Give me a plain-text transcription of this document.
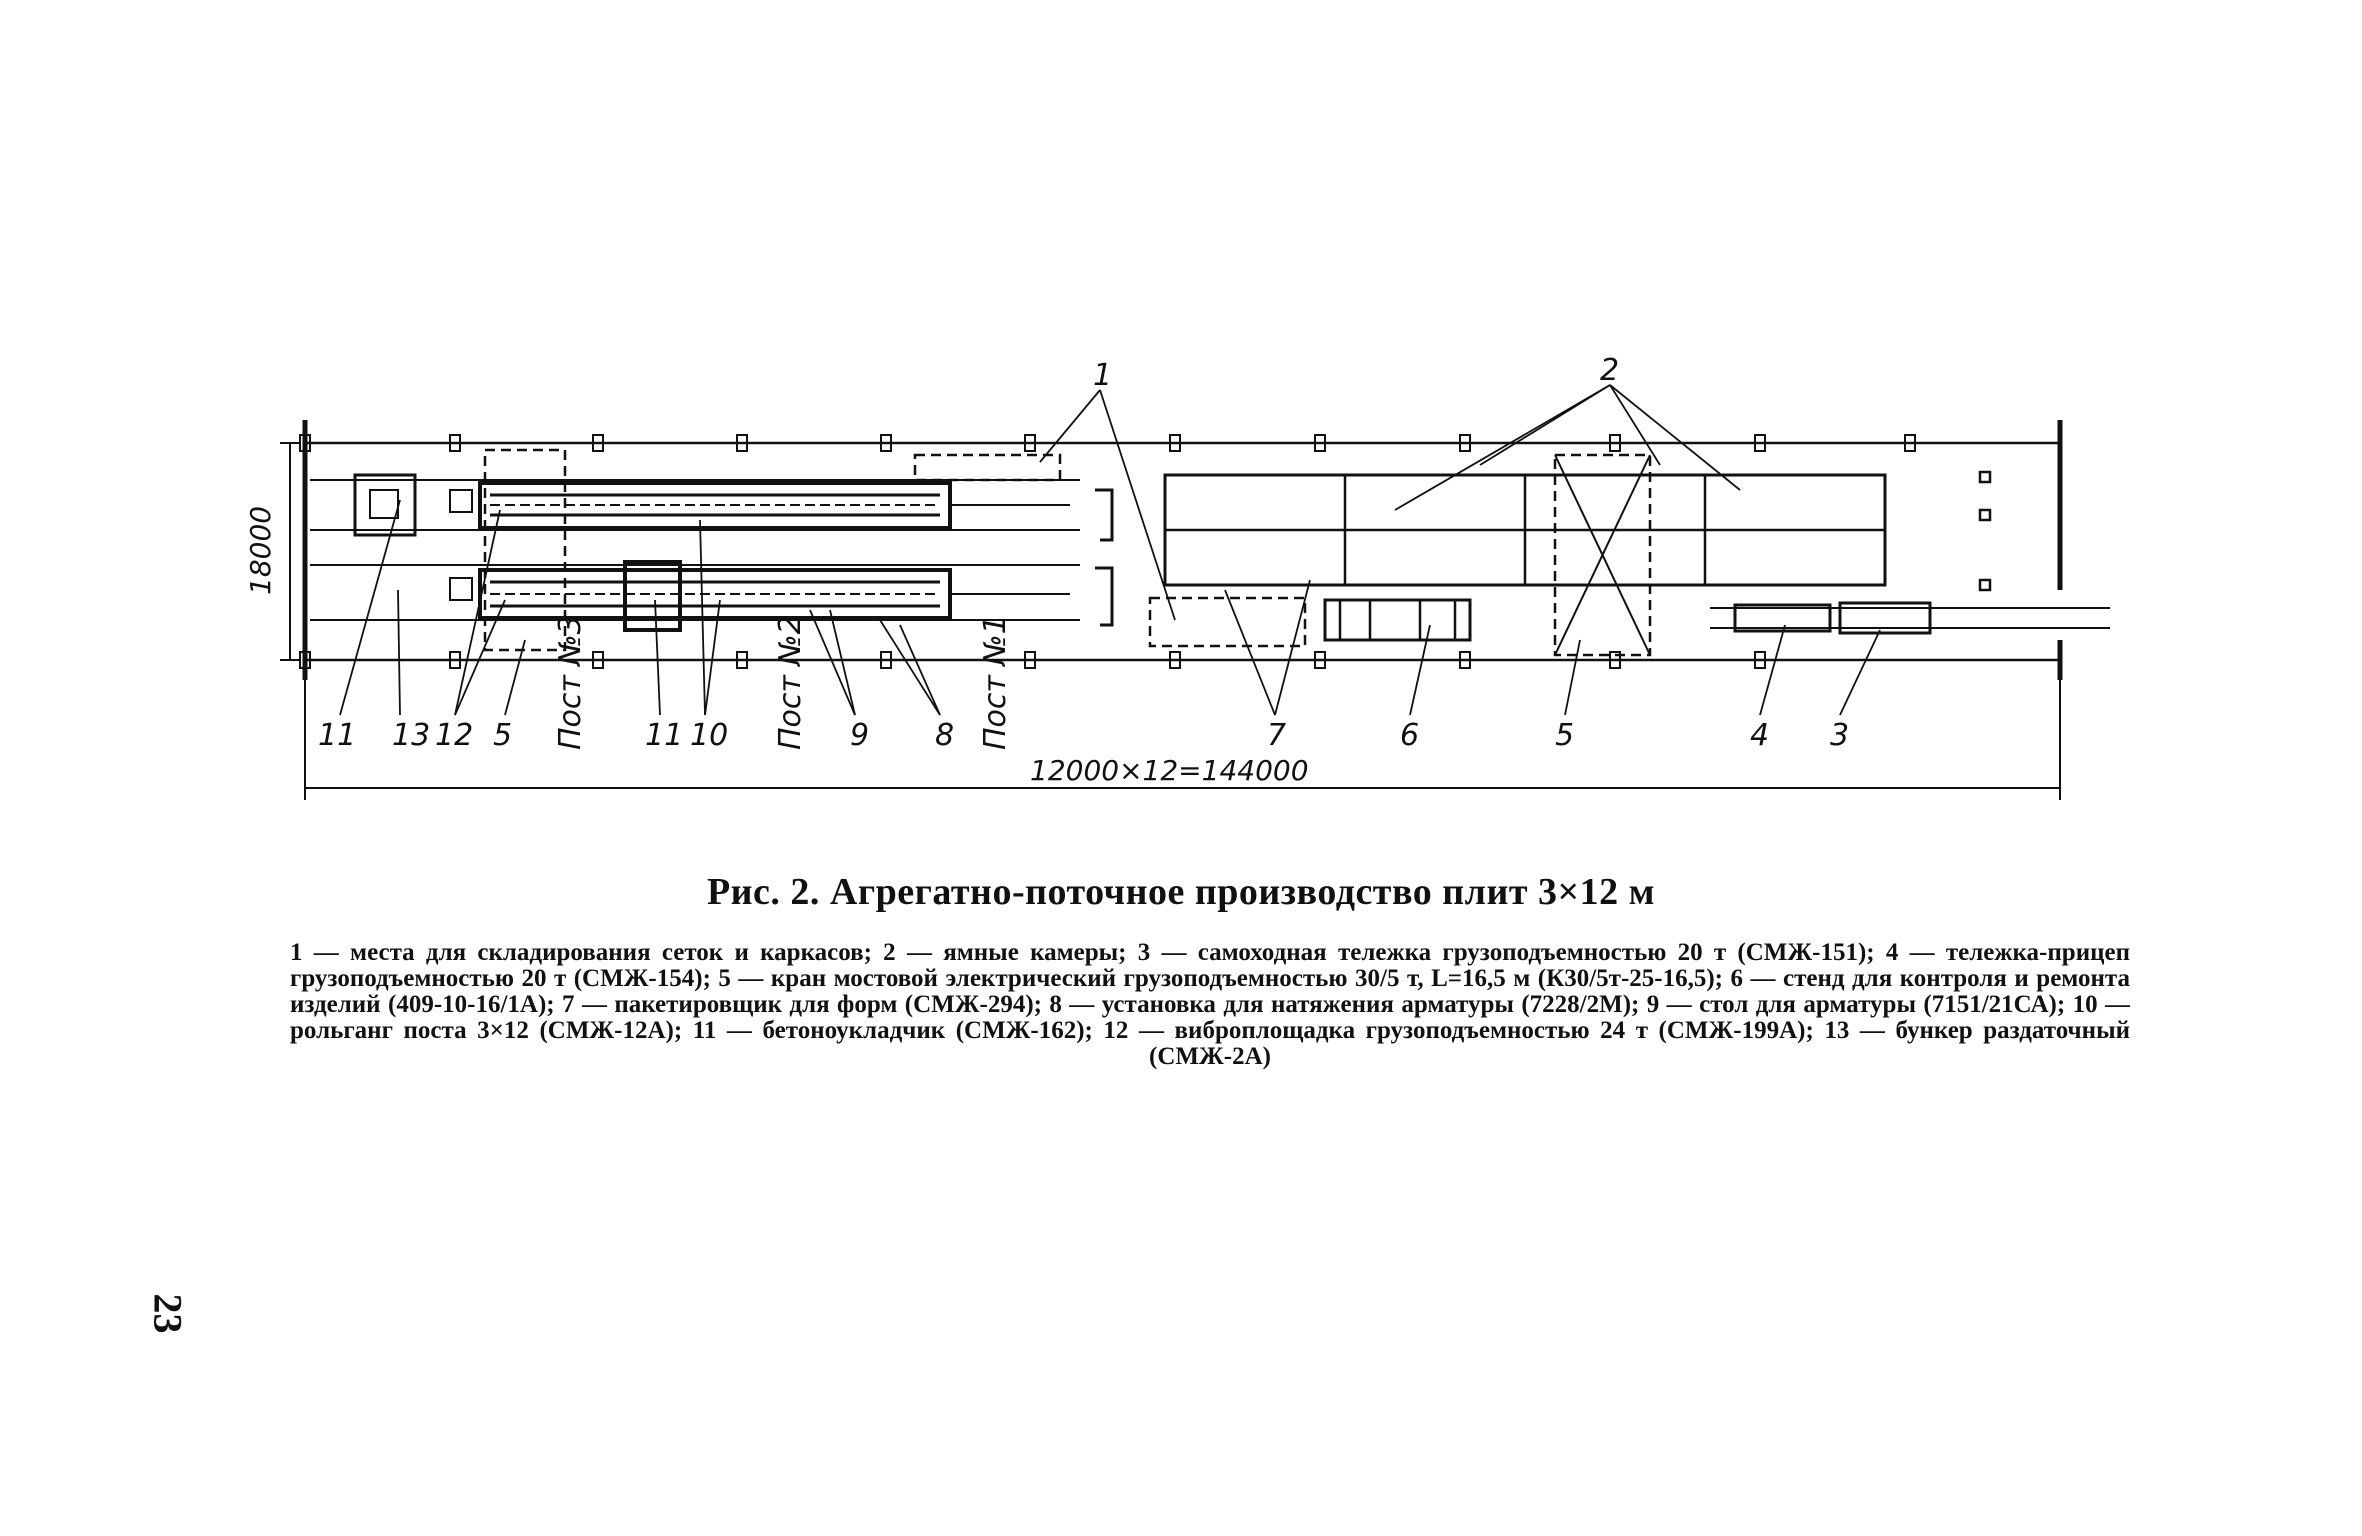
18000
12000×12=144000
1	2
11 13 12 5	11 10	9 8	7	6	5	4 3
Пост №3	Пост №2	Пост №1
Рис. 2. Агрегатно-поточное производство плит 3×12 м
1 — места для складирования сеток и каркасов; 2 — ямные камеры; 3 — самоходная тележка грузоподъемностью 20 т (СМЖ-151); 4 — тележка-прицеп грузоподъемностью 20 т (СМЖ-154); 5 — кран мостовой электрический грузоподъемностью 30/5 т, L=16,5 м (К30/5т-25-16,5); 6 — стенд для контроля и ремонта изделий (409-10-16/1А); 7 — пакетировщик для форм (СМЖ-294); 8 — установка для натяжения арматуры (7228/2М); 9 — стол для арматуры (7151/21СА); 10 — рольганг поста 3×12 (СМЖ-12А); 11 — бетоноукладчик (СМЖ-162); 12 — виброплощадка грузоподъемностью 24 т (СМЖ-199А); 13 — бункер раздаточный (СМЖ-2А)
23
